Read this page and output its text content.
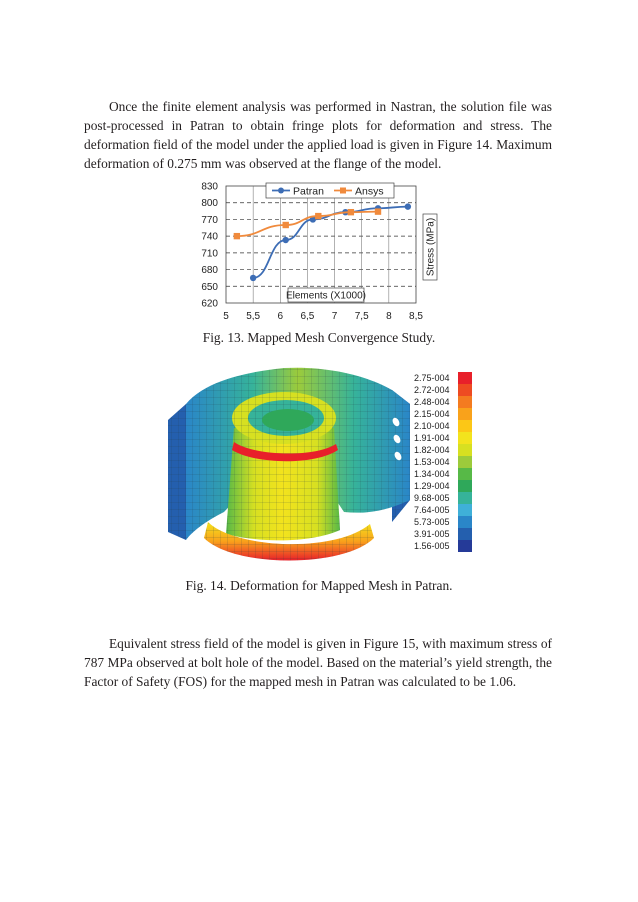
Once the finite element analysis was performed in Nastran, the solution file was post-processed in Patran to obtain fringe plots for deformation and stress. The deformation field of the model under the applied load is given in Figure 14. Maximum deformation of 0.275 mm was observed at the flange of the model.

830
800
770
740
710
680
650
620
5 5,5 6 6,5 7 7,5 8 8,5
Patran	Ansys
Elements (X1000)
Stress (MPa)

Fig. 13. Mapped Mesh Convergence Study.

2.75-004
2.72-004
2.48-004
2.15-004
2.10-004
1.91-004
1.82-004
1.53-004
1.34-004
1.29-004
9.68-005
7.64-005
5.73-005
3.91-005
1.56-005

Fig. 14. Deformation for Mapped Mesh in Patran.

Equivalent stress field of the model is given in Figure 15, with maximum stress of 787 MPa observed at bolt hole of the model. Based on the material’s yield strength, the Factor of Safety (FOS) for the mapped mesh in Patran was calculated to be 1.06.
